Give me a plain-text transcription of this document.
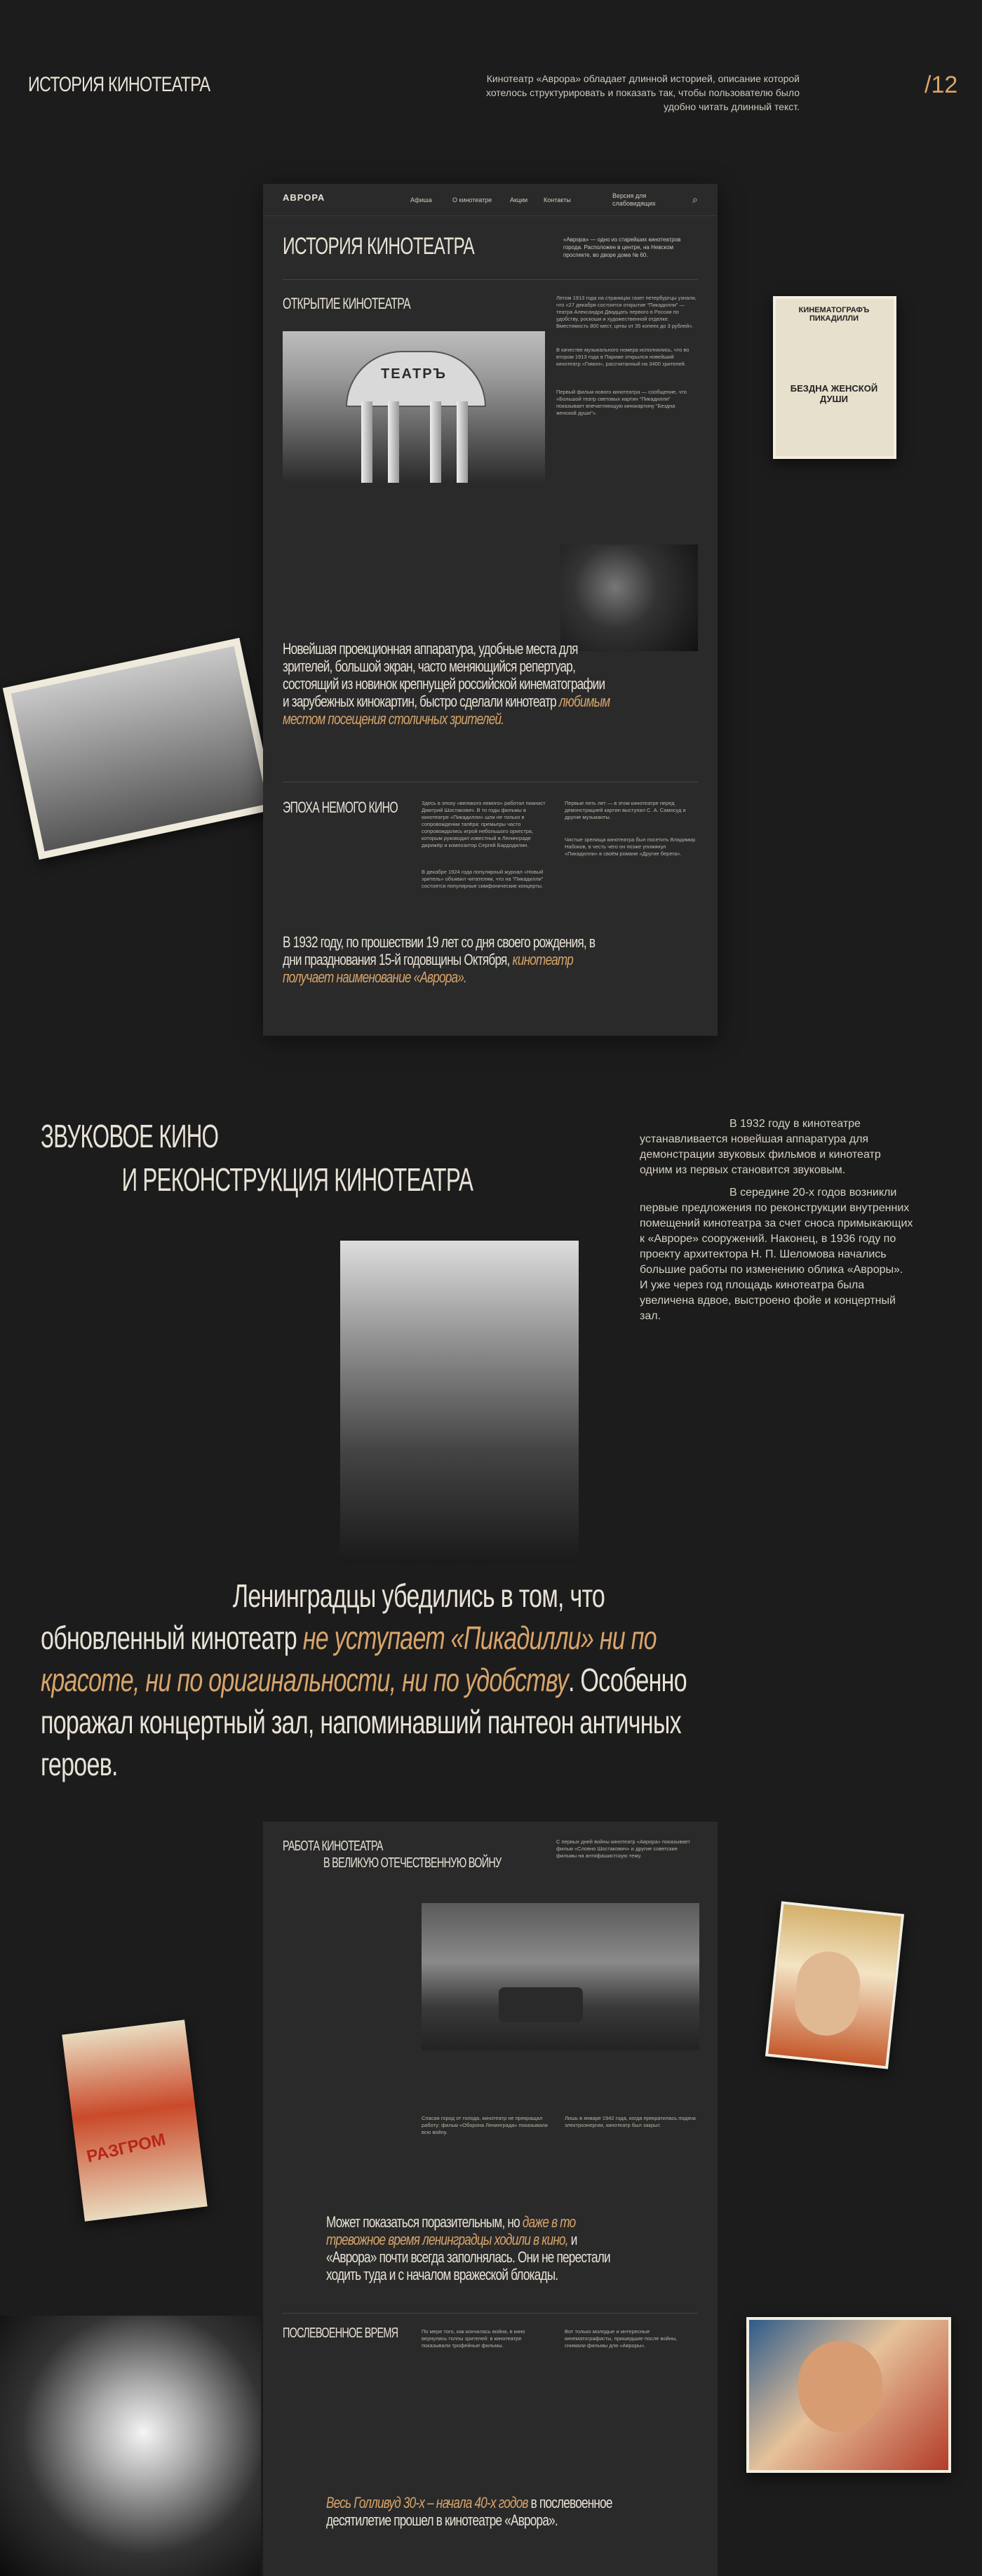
ИСТОРИЯ КИНОТЕАТРА	Кинотеатр «Аврора» обладает длинной историей, описание которой хотелось структурировать и показать так, чтобы пользователю было удобно читать длинный текст.
/12
КИНЕМАТОГРАФЪ ПИКАДИЛЛИ
БЕЗДНА ЖЕНСКОЙ ДУШИ
АВРОРА	Афиша	О кинотеатре	Акции	Контакты
Версия для слабовидящих	⌕
ИСТОРИЯ КИНОТЕАТРА	«Аврора» — одно из старейших кинотеатров города. Расположен в центре, на Невском проспекте, во дворе дома № 60.
ОТКРЫТИЕ КИНОТЕАТРА	Летом 1913 года на страницах газет петербургцы узнали, что «27 декабря состоится открытие “Пикадилли” — театра Александра Двадцать первого в России по удобству, роскоши и художественной отделке. Вместимость 800 мест, цены от 35 копеек до 3 рублей».
В качестве музыкального номера исполнялись, что во втором 1913 года в Париже открылся новейший кинотеатр «Гомон», рассчитанный на 3400 зрителей.
Первый фильм нового кинотеатра — сообщение, что «Большой театр световых картин “Пикадилли” показывает впечатляющую кинокартину “Бездна женской души”».
ТЕАТРЪ
Новейшая проекционная аппаратура, удобные места для зрителей, большой экран, часто меняющийся репертуар, состоящий из новинок крепнущей российской кинематографии и зарубежных кинокартин, быстро сделали кинотеатр любимым местом посещения столичных зрителей.
ЭПОХА НЕМОГО КИНО	Здесь в эпоху «великого немого» работал пианист Дмитрий Шостакович. В то годы фильмы в кинотеатре «Пикадилли» шли не только в сопровождении тапёра: премьеры часто сопровождались игрой небольшого оркестра, которым руководил известный в Ленинграде дирижёр и композитор Сергей Бардодилин.
В декабре 1924 года популярный журнал «Новый зритель» объявил читателям, что на “Пикадилли” состоятся популярные симфонические концерты.
Первые пять лет — в этом кинотеатре перед демонстрацией картин выступал С. А. Самосуд и другие музыканты.
Чистые зрелища кинотеатра был посетить Владимир Набоков, в честь чего он позже упомянул «Пикадилли» в своём романе «Другие берега».
В 1932 году, по прошествии 19 лет со дня своего рождения, в дни празднования 15-й годовщины Октября, кинотеатр получает наименование «Аврора».
ЗВУКОВОЕ КИНО
И РЕКОНСТРУКЦИЯ КИНОТЕАТРА

В 1932 году в кинотеатре устанавливается новейшая аппаратура для демонстрации звуковых фильмов и кинотеатр одним из первых становится звуковым.

В середине 20-х годов возникли первые предложения по реконструкции внутренних помещений кинотеатра за счет сноса примыкающих к «Авроре» сооружений. Наконец, в 1936 году по проекту архитектора Н. П. Шеломова начались большие работы по изменению облика «Авроры». И уже через год площадь кинотеатра была увеличена вдвое, выстроено фойе и концертный зал.

Ленинградцы убедились в том, что обновленный кинотеатр не уступает «Пикадилли» ни по красоте, ни по оригинальности, ни по удобству. Особенно поражал концертный зал, напоминавший пантеон античных героев.
РАБОТА КИНОТЕАТРА
В ВЕЛИКУЮ ОТЕЧЕСТВЕННУЮ ВОЙНУ
С первых дней войны кинотеатр «Аврора» показывает фильм «Словно Шостакович» и другие советские фильмы на антифашистскую тему.
Спасая город от голода, кинотеатр не прекращал работу: фильм «Оборона Ленинграда» показывали всю войну.
Лишь в январе 1942 года, когда прекратилась подача электроэнергии, кинотеатр был закрыт.
Может показаться поразительным, но даже в то тревожное время ленинградцы ходили в кино, и «Аврора» почти всегда заполнялась. Они не перестали ходить туда и с началом вражеской блокады.
ПОСЛЕВОЕННОЕ ВРЕМЯ	По мере того, как кончилась война, в кино вернулись толпы зрителей: в кинотеатре показывали трофейные фильмы.
Вот только молодые и интересные кинематографисты, пришедшие после войны, снимали фильмы для «Авроры».
Весь Голливуд 30-х – начала 40-х годов в послевоенное десятилетие прошел в кинотеатре «Аврора».
РАЗГРОМ
